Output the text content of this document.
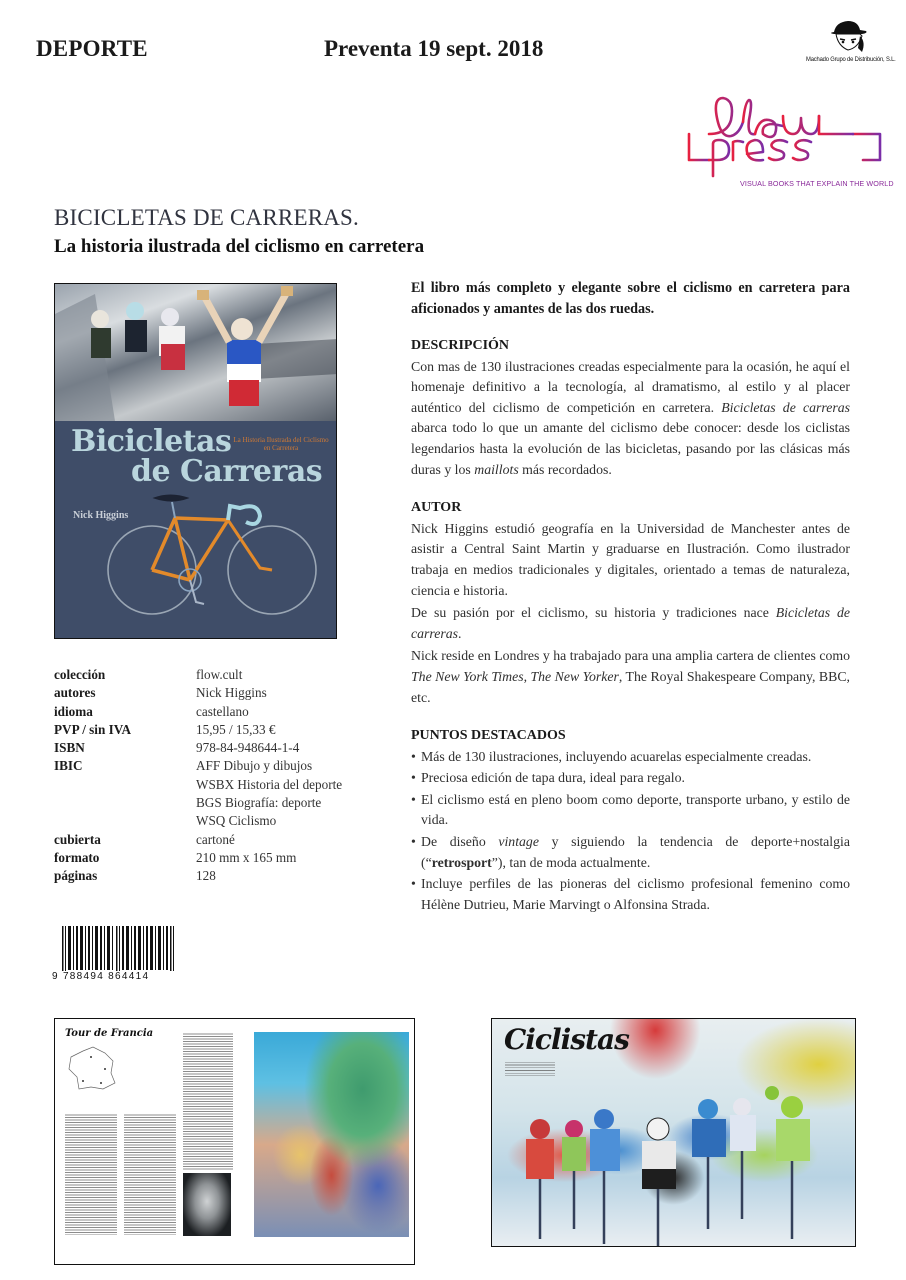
DEPORTE	Preventa 19 sept. 2018	Machado Grupo de Distribución, S.L.
VISUAL BOOKS THAT EXPLAIN THE WORLD
BICICLETAS DE CARRERAS.
La historia ilustrada del ciclismo en carretera
Bicicletas
de Carreras
La Historia Ilustrada del Ciclismo en Carretera
Nick Higgins
colección	flow.cult
autores	Nick Higgins
idioma	castellano
PVP / sin IVA	15,95 / 15,33 €
ISBN	978-84-948644-1-4
IBIC	AFF Dibujo y dibujos
WSBX Historia del deporte
BGS Biografía: deporte
WSQ Ciclismo
cubierta	cartoné
formato	210 mm x 165 mm
páginas	128
9 788494 864414
El libro más completo y elegante sobre el ciclismo en carretera para aficionados y amantes de las dos ruedas.
DESCRIPCIÓN
Con mas de 130 ilustraciones creadas especialmente para la ocasión, he aquí el homenaje definitivo a la tecnología, al dramatismo, al estilo y al placer auténtico del ciclismo de competición en carretera. Bicicletas de carreras abarca todo lo que un amante del ciclismo debe conocer: desde los ciclistas legendarios hasta la evolución de las bicicletas, pasando por las clásicas más duras y los maillots más recordados.
AUTOR
Nick Higgins estudió geografía en la Universidad de Manchester antes de asistir a Central Saint Martin y graduarse en Ilustración. Como ilustrador trabaja en medios tradicionales y digitales, orientado a temas de naturaleza, ciencia e historia.
De su pasión por el ciclismo, su historia y tradiciones nace Bicicletas de carreras.
Nick reside en Londres y ha trabajado para una amplia cartera de clientes como The New York Times, The New Yorker, The Royal Shakespeare Company, BBC, etc.
PUNTOS DESTACADOS
• Más de 130 ilustraciones, incluyendo acuarelas especialmente creadas.
• Preciosa edición de tapa dura, ideal para regalo.
• El ciclismo está en pleno boom como deporte, transporte urbano, y estilo de vida.
• De diseño vintage y siguiendo la tendencia de deporte+nostalgia (“retrosport”), tan de moda actualmente.
• Incluye perfiles de las pioneras del ciclismo profesional femenino como Hélène Dutrieu, Marie Marvingt o Alfonsina Strada.
Tour de Francia	Ciclistas
